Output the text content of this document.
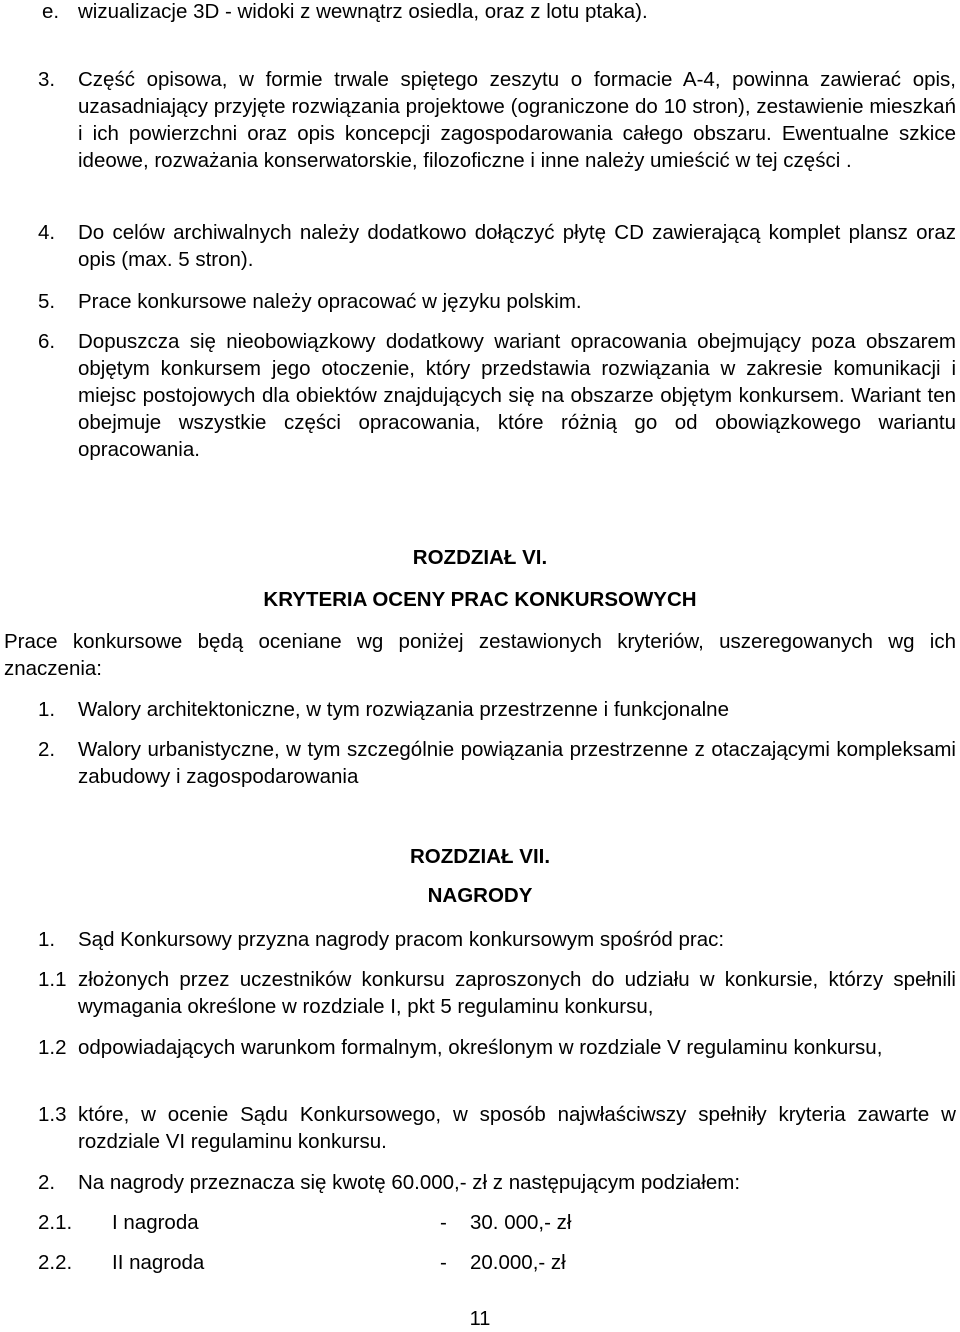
e. wizualizacje 3D - widoki z wewnątrz osiedla, oraz z lotu ptaka).
3. Część opisowa, w formie trwale spiętego zeszytu o formacie A-4, powinna zawierać opis, uzasadniający przyjęte rozwiązania projektowe (ograniczone do 10 stron), zestawienie mieszkań i ich powierzchni oraz opis koncepcji zagospodarowania całego obszaru. Ewentualne szkice ideowe, rozważania konserwatorskie, filozoficzne i inne należy umieścić w tej części .
4. Do celów archiwalnych należy dodatkowo dołączyć płytę CD zawierającą komplet plansz oraz opis (max. 5 stron).
5. Prace konkursowe należy opracować w języku polskim.
6. Dopuszcza się nieobowiązkowy dodatkowy wariant opracowania obejmujący poza obszarem objętym konkursem jego otoczenie, który przedstawia rozwiązania w zakresie komunikacji i miejsc postojowych dla obiektów znajdujących się na obszarze objętym konkursem. Wariant ten obejmuje wszystkie części opracowania, które różnią go od obowiązkowego wariantu opracowania.
ROZDZIAŁ VI.
KRYTERIA OCENY PRAC KONKURSOWYCH
Prace konkursowe będą oceniane wg poniżej zestawionych kryteriów, uszeregowanych wg ich znaczenia:
1. Walory architektoniczne, w tym rozwiązania przestrzenne i funkcjonalne
2. Walory urbanistyczne, w tym szczególnie powiązania przestrzenne z otaczającymi kompleksami zabudowy i zagospodarowania
ROZDZIAŁ VII.
NAGRODY
1. Sąd Konkursowy przyzna nagrody pracom konkursowym spośród prac:
1.1 złożonych przez uczestników konkursu zaproszonych do udziału w konkursie, którzy spełnili wymagania określone w rozdziale I, pkt 5 regulaminu konkursu,
1.2 odpowiadających warunkom formalnym, określonym w rozdziale V regulaminu konkursu,
1.3 które, w ocenie Sądu Konkursowego, w sposób najwłaściwszy spełniły kryteria zawarte w rozdziale VI regulaminu konkursu.
2. Na nagrody przeznacza się kwotę 60.000,- zł z następującym podziałem:
2.1. I nagroda	- 30. 000,- zł
2.2. II nagroda	- 20.000,- zł
11
